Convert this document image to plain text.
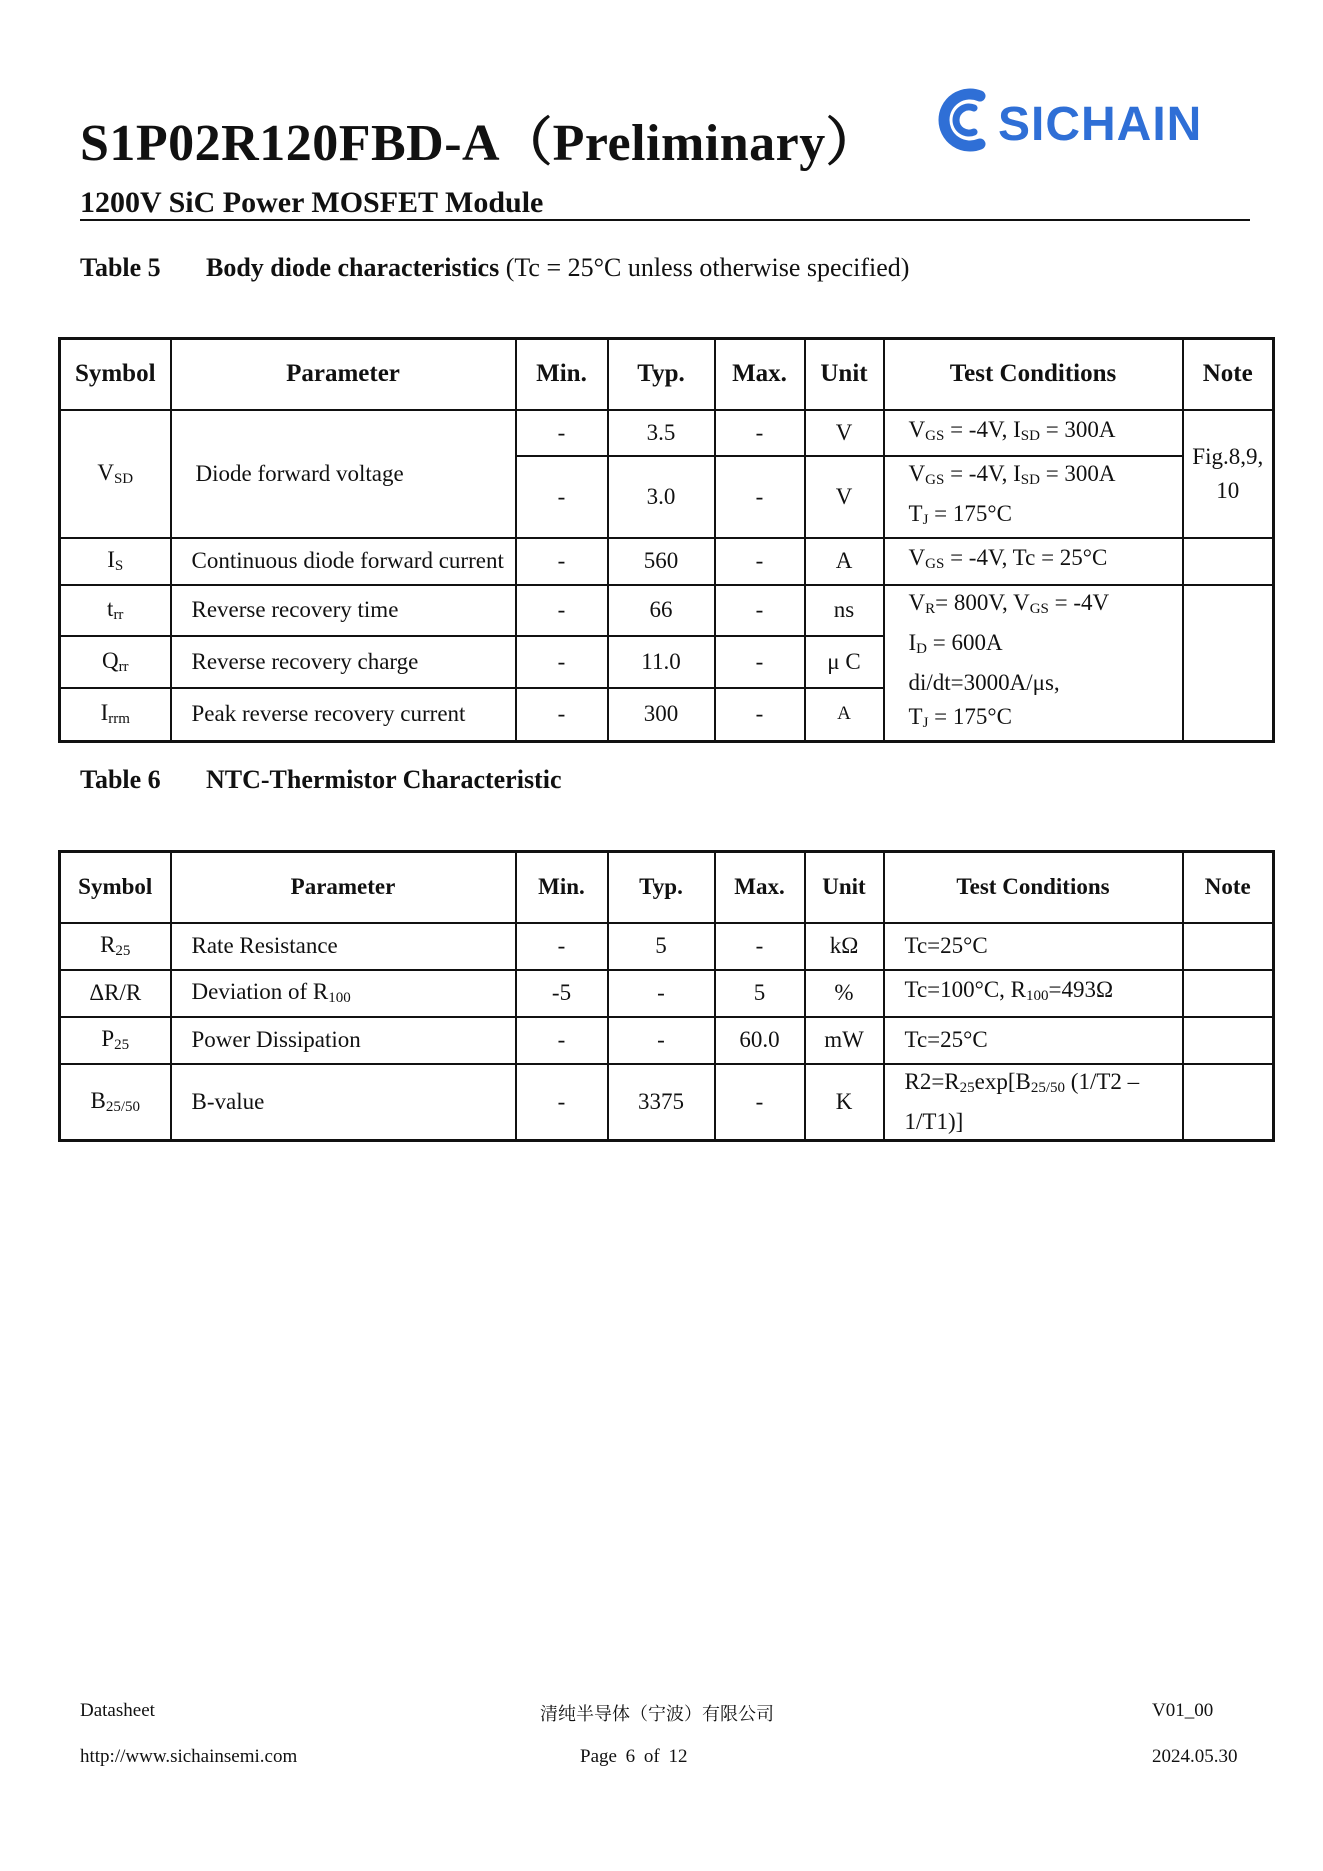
S1P02R120FBD-A（Preliminary） SICHAIN
1200V SiC Power MOSFET Module
Table 5 Body diode characteristics (Tc = 25°C unless otherwise specified)
Symbol	Parameter	Min.	Typ.	Max.	Unit	Test Conditions	Note
$V_{SD}$	Diode forward voltage	-	3.5	-	V	$V_{GS} = -4V$, $I_{SD} = 300A$	Fig.8,9, 10
		-	3.0	-	V	$V_{GS} = -4V$, $I_{SD} = 300A$
$T_J = 175^\circ C$	
$I_S$	Continuous diode forward current	-	560	-	A	$V_{GS} = -4V$, Tc = 25°C	
$t_{rr}$	Reverse recovery time	-	66	-	ns	$V_R= 800V$, $V_{GS} = -4V$
$I_D = 600A$
di/dt=3000A/μs,
$T_J = 175^\circ C$	
$Q_{rr}$	Reverse recovery charge	-	11.0	-	μ C		
$I_{rrm}$	Peak reverse recovery current	-	300	-	A		
Table 6 NTC-Thermistor Characteristic
Symbol	Parameter	Min.	Typ.	Max.	Unit	Test Conditions	Note
$R_{25}$	Rate Resistance	-	5	-	kΩ	Tc=25°C	
ΔR/R	Deviation of $R_{100}$	-5	-	5	%	Tc=100°C, $R_{100}=493\Omega$	
$P_{25}$	Power Dissipation	-	-	60.0	mW	Tc=25°C	
$B_{25/50}$	B-value	-	3375	-	K	$R2=R_{25}\exp[B_{25/50}$ (1/T2 –
1/T1)]	
Datasheet	清纯半导体（宁波）有限公司	V01_00
http://www.sichainsemi.com	Page 6 of 12	2024.05.30
